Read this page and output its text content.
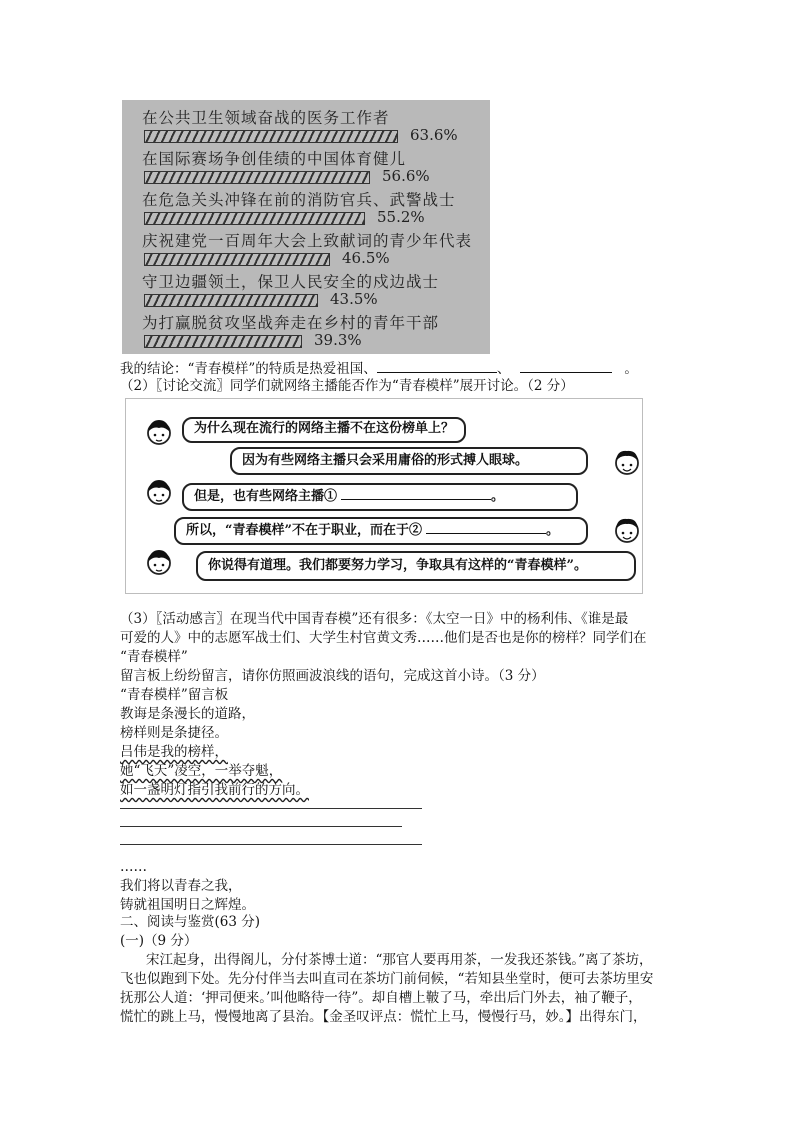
在公共卫生领域奋战的医务工作者
63.6%
在国际赛场争创佳绩的中国体育健儿
56.6%
在危急关头冲锋在前的消防官兵、武警战士
55.2%
庆祝建党一百周年大会上致献词的青少年代表
46.5%
守卫边疆领土，保卫人民安全的戍边战士
43.5%
为打赢脱贫攻坚战奔走在乡村的青年干部
39.3%
我的结论：“青春模样”的特质是热爱祖国、	、	。
（2）〖讨论交流〗同学们就网络主播能否作为“青春模样”展开讨论。（2 分）
为什么现在流行的网络主播不在这份榜单上？
因为有些网络主播只会采用庸俗的形式搏人眼球。
但是，也有些网络主播①	。
所以，“青春模样”不在于职业，而在于②	。
你说得有道理。我们都要努力学习，争取具有这样的“青春模样”。
（3）〖活动感言〗在现当代中国青春模”还有很多：《太空一日》中的杨利伟、《谁是最
可爱的人》中的志愿军战士们、大学生村官黄文秀……他们是否也是你的榜样？同学们在
“青春模样”
留言板上纷纷留言，请你仿照画波浪线的语句，完成这首小诗。（3 分）
“青春模样”留言板
教诲是条漫长的道路，
榜样则是条捷径。
吕伟是我的榜样，
她“飞天”凌空，一举夺魁，
如一盏明灯指引我前行的方向。
……
我们将以青春之我，
铸就祖国明日之辉煌。
二、阅读与鉴赏(63 分)
(一)（9 分）
宋江起身，出得阁儿，分付茶博士道：“那官人要再用茶，一发我还茶钱。”离了茶坊，
飞也似跑到下处。先分付伴当去叫直司在茶坊门前伺候，“若知县坐堂时，便可去茶坊里安
抚那公人道：‘押司便来。’叫他略待一待”。却自槽上鞁了马，牵出后门外去，袖了鞭子，
慌忙的跳上马，慢慢地离了县治。【金圣叹评点：慌忙上马，慢慢行马，妙。】出得东门，
